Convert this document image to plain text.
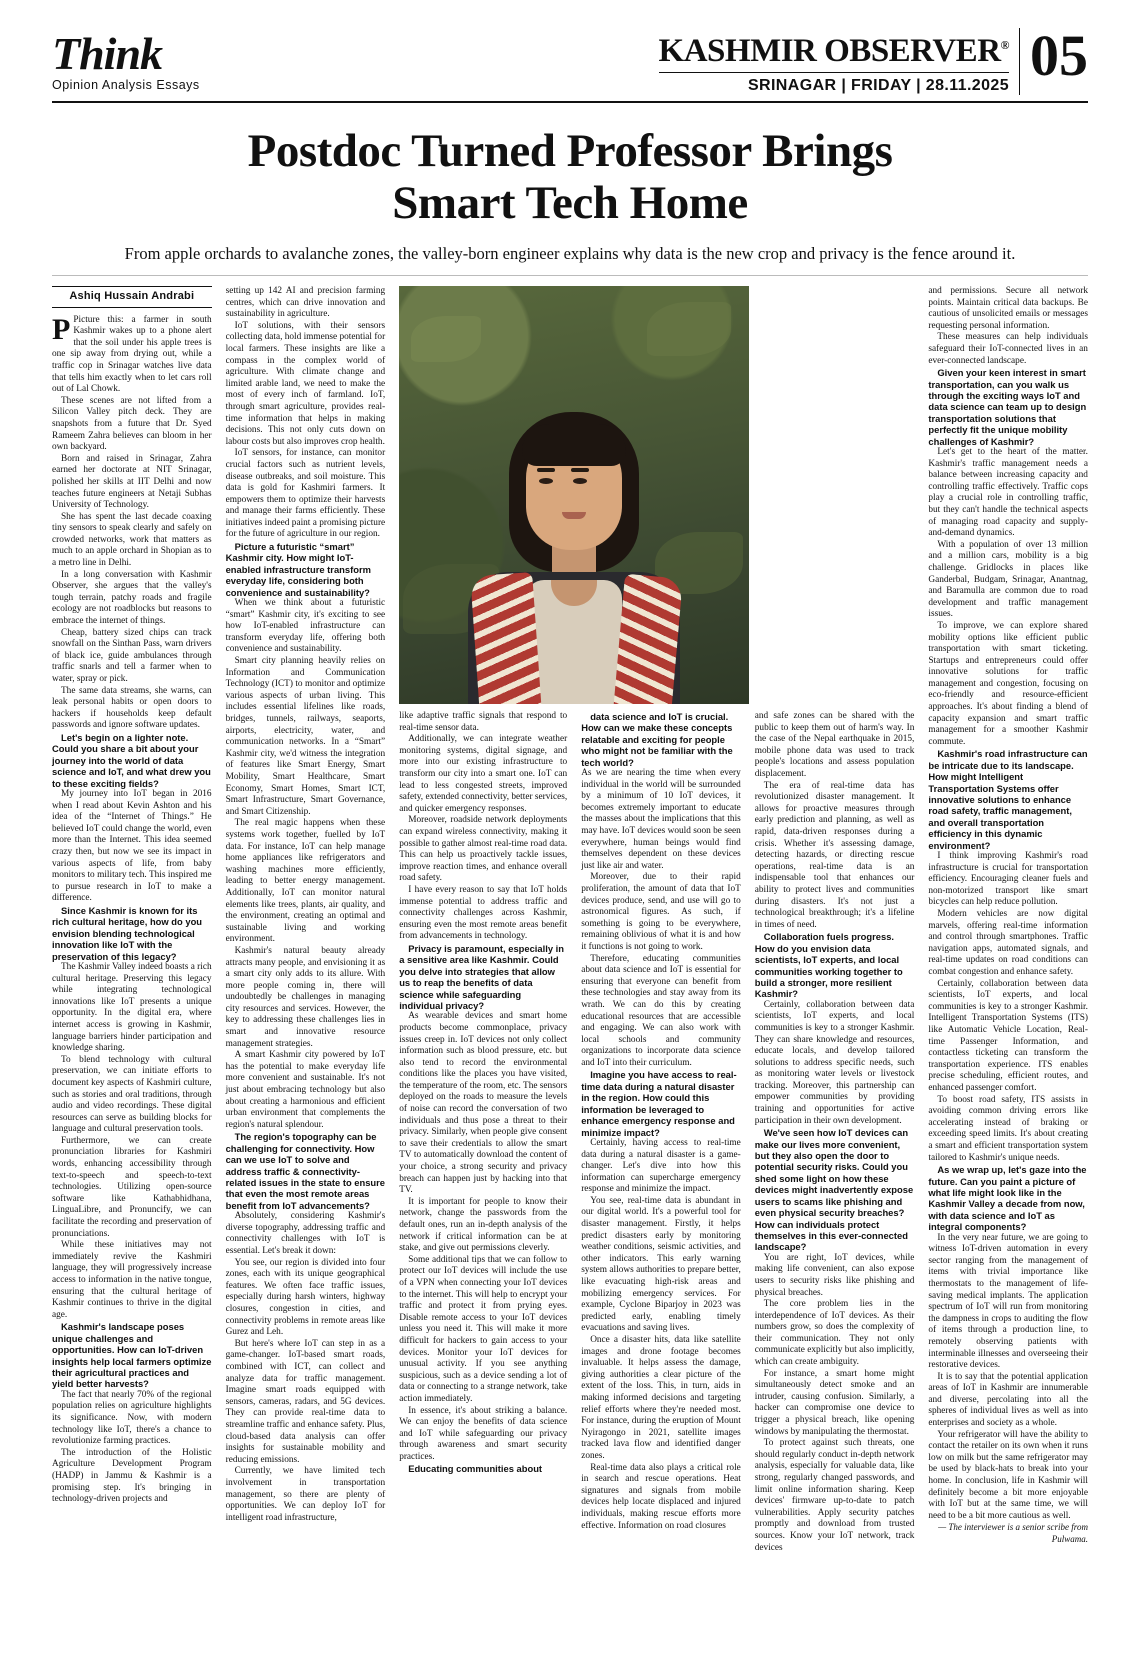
Think
Opinion Analysis Essays
KASHMIR OBSERVER®
SRINAGAR | FRIDAY | 28.11.2025 05
Postdoc Turned Professor Brings
Smart Tech Home
From apple orchards to avalanche zones, the valley-born engineer explains why data is the new crop and privacy is the fence around it.
Ashiq Hussain Andrabi

P Picture this: a farmer in south Kashmir wakes up to a phone alert that the soil under his apple trees is one sip away from drying out, while a traffic cop in Srinagar watches live data that tells him exactly when to let cars roll out of Lal Chowk.

These scenes are not lifted from a Silicon Valley pitch deck. They are snapshots from a future that Dr. Syed Rameem Zahra believes can bloom in her own backyard.

Born and raised in Srinagar, Zahra earned her doctorate at NIT Srinagar, polished her skills at IIT Delhi and now teaches future engineers at Netaji Subhas University of Technology.

She has spent the last decade coaxing tiny sensors to speak clearly and safely on crowded networks, work that matters as much to an apple orchard in Shopian as to a metro line in Delhi.

In a long conversation with Kashmir Observer, she argues that the valley's tough terrain, patchy roads and fragile ecology are not roadblocks but reasons to embrace the internet of things.

Cheap, battery sized chips can track snowfall on the Sinthan Pass, warn drivers of black ice, guide ambulances through traffic snarls and tell a farmer when to water, spray or pick.

The same data streams, she warns, can leak personal habits or open doors to hackers if households keep default passwords and ignore software updates.

Let's begin on a lighter note. Could you share a bit about your journey into the world of data science and IoT, and what drew you to these exciting fields?

My journey into IoT began in 2016 when I read about Kevin Ashton and his idea of the “Internet of Things.” He believed IoT could change the world, even more than the Internet. This idea seemed crazy then, but now we see its impact in various aspects of life, from baby monitors to military tech. This inspired me to pursue research in IoT to make a difference.

Since Kashmir is known for its rich cultural heritage, how do you envision blending technological innovation like IoT with the preservation of this legacy?

The Kashmir Valley indeed boasts a rich cultural heritage. Preserving this legacy while integrating technological innovations like IoT presents a unique opportunity. In the digital era, where internet access is growing in Kashmir, language barriers hinder participation and knowledge sharing.

To blend technology with cultural preservation, we can initiate efforts to document key aspects of Kashmiri culture, such as stories and oral traditions, through audio and video recordings. These digital resources can serve as building blocks for language and cultural preservation tools.

Furthermore, we can create pronunciation libraries for Kashmiri words, enhancing accessibility through text-to-speech and speech-to-text technologies. Utilizing open-source software like Kathabhidhana, LinguaLibre, and Pronuncify, we can facilitate the recording and preservation of pronunciations.

While these initiatives may not immediately revive the Kashmiri language, they will progressively increase access to information in the native tongue, ensuring that the cultural heritage of Kashmir continues to thrive in the digital age.

Kashmir's landscape poses unique challenges and opportunities. How can IoT-driven insights help local farmers optimize their agricultural practices and yield better harvests?

The fact that nearly 70% of the regional population relies on agriculture highlights its significance. Now, with modern technology like IoT, there's a chance to revolutionize farming practices.

The introduction of the Holistic Agriculture Development Program (HADP) in Jammu & Kashmir is a promising step. It's bringing in technology-driven projects and

setting up 142 AI and precision farming centres, which can drive innovation and sustainability in agriculture.

IoT solutions, with their sensors collecting data, hold immense potential for local farmers. These insights are like a compass in the complex world of agriculture. With climate change and limited arable land, we need to make the most of every inch of farmland. IoT, through smart agriculture, provides real-time information that helps in making decisions. This not only cuts down on labour costs but also improves crop health.

IoT sensors, for instance, can monitor crucial factors such as nutrient levels, disease outbreaks, and soil moisture. This data is gold for Kashmiri farmers. It empowers them to optimize their harvests and manage their farms efficiently. These initiatives indeed paint a promising picture for the future of agriculture in our region.

Picture a futuristic “smart” Kashmir city. How might IoT-enabled infrastructure transform everyday life, considering both convenience and sustainability?

When we think about a futuristic “smart” Kashmir city, it's exciting to see how IoT-enabled infrastructure can transform everyday life, offering both convenience and sustainability.

Smart city planning heavily relies on Information and Communication Technology (ICT) to monitor and optimize various aspects of urban living. This includes essential lifelines like roads, bridges, tunnels, railways, seaports, airports, electricity, water, and communication networks. In a “Smart” Kashmir city, we'd witness the integration of features like Smart Energy, Smart Mobility, Smart Healthcare, Smart Economy, Smart Homes, Smart ICT, Smart Infrastructure, Smart Governance, and Smart Citizenship.

The real magic happens when these systems work together, fuelled by IoT data. For instance, IoT can help manage home appliances like refrigerators and washing machines more efficiently, leading to better energy management. Additionally, IoT can monitor natural elements like trees, plants, air quality, and the environment, creating an optimal and sustainable living and working environment.

Kashmir's natural beauty already attracts many people, and envisioning it as a smart city only adds to its allure. With more people coming in, there will undoubtedly be challenges in managing city resources and services. However, the key to addressing these challenges lies in smart and innovative resource management strategies.

A smart Kashmir city powered by IoT has the potential to make everyday life more convenient and sustainable. It's not just about embracing technology but also about creating a harmonious and efficient urban environment that complements the region's natural splendour.

The region's topography can be challenging for connectivity. How can we use IoT to solve and address traffic & connectivity-related issues in the state to ensure that even the most remote areas benefit from IoT advancements?

Absolutely, considering Kashmir's diverse topography, addressing traffic and connectivity challenges with IoT is essential. Let's break it down:

You see, our region is divided into four zones, each with its unique geographical features. We often face traffic issues, especially during harsh winters, highway closures, congestion in cities, and connectivity problems in remote areas like Gurez and Leh.

But here's where IoT can step in as a game-changer. IoT-based smart roads, combined with ICT, can collect and analyze data for traffic management. Imagine smart roads equipped with sensors, cameras, radars, and 5G devices. They can provide real-time data to streamline traffic and enhance safety. Plus, cloud-based data analysis can offer insights for sustainable mobility and reducing emissions.

Currently, we have limited tech involvement in transportation management, so there are plenty of opportunities. We can deploy IoT for intelligent road infrastructure,

like adaptive traffic signals that respond to real-time sensor data.

Additionally, we can integrate weather monitoring systems, digital signage, and more into our existing infrastructure to transform our city into a smart one. IoT can lead to less congested streets, improved safety, extended connectivity, better services, and quicker emergency responses.

Moreover, roadside network deployments can expand wireless connectivity, making it possible to gather almost real-time road data. This can help us proactively tackle issues, improve reaction times, and enhance overall road safety.

I have every reason to say that IoT holds immense potential to address traffic and connectivity challenges across Kashmir, ensuring even the most remote areas benefit from advancements in technology.

Privacy is paramount, especially in a sensitive area like Kashmir. Could you delve into strategies that allow us to reap the benefits of data science while safeguarding individual privacy?

As wearable devices and smart home products become commonplace, privacy issues creep in. IoT devices not only collect information such as blood pressure, etc. but also tend to record the environmental conditions like the places you have visited, the temperature of the room, etc. The sensors deployed on the roads to measure the levels of noise can record the conversation of two individuals and thus pose a threat to their privacy. Similarly, when people give consent to save their credentials to allow the smart TV to automatically download the content of your choice, a strong security and privacy breach can happen just by hacking into that TV.

It is important for people to know their network, change the passwords from the default ones, run an in-depth analysis of the network if critical information can be at stake, and give out permissions cleverly.

Some additional tips that we can follow to protect our IoT devices will include the use of a VPN when connecting your IoT devices to the internet. This will help to encrypt your traffic and protect it from prying eyes. Disable remote access to your IoT devices unless you need it. This will make it more difficult for hackers to gain access to your devices. Monitor your IoT devices for unusual activity. If you see anything suspicious, such as a device sending a lot of data or connecting to a strange network, take action immediately.

In essence, it's about striking a balance. We can enjoy the benefits of data science and IoT while safeguarding our privacy through awareness and smart security practices.

Educating communities about

data science and IoT is crucial. How can we make these concepts relatable and exciting for people who might not be familiar with the tech world?

As we are nearing the time when every individual in the world will be surrounded by a minimum of 10 IoT devices, it becomes extremely important to educate the masses about the implications that this may have. IoT devices would soon be seen everywhere, human beings would find themselves dependent on these devices just like air and water.

Moreover, due to their rapid proliferation, the amount of data that IoT devices produce, send, and use will go to astronomical figures. As such, if something is going to be everywhere, remaining oblivious of what it is and how it functions is not going to work.

Therefore, educating communities about data science and IoT is essential for ensuring that everyone can benefit from these technologies and stay away from its wrath. We can do this by creating educational resources that are accessible and engaging. We can also work with local schools and community organizations to incorporate data science and IoT into their curriculum.

Imagine you have access to real-time data during a natural disaster in the region. How could this information be leveraged to enhance emergency response and minimize impact?

Certainly, having access to real-time data during a natural disaster is a game-changer. Let's dive into how this information can supercharge emergency response and minimize the impact.

You see, real-time data is abundant in our digital world. It's a powerful tool for disaster management. Firstly, it helps predict disasters early by monitoring weather conditions, seismic activities, and other indicators. This early warning system allows authorities to prepare better, like evacuating high-risk areas and mobilizing emergency services. For example, Cyclone Biparjoy in 2023 was predicted early, enabling timely evacuations and saving lives.

Once a disaster hits, data like satellite images and drone footage becomes invaluable. It helps assess the damage, giving authorities a clear picture of the extent of the loss. This, in turn, aids in making informed decisions and targeting relief efforts where they're needed most. For instance, during the eruption of Mount Nyiragongo in 2021, satellite images tracked lava flow and identified danger zones.

Real-time data also plays a critical role in search and rescue operations. Heat signatures and signals from mobile devices help locate displaced and injured individuals, making rescue efforts more effective. Information on road closures

and safe zones can be shared with the public to keep them out of harm's way. In the case of the Nepal earthquake in 2015, mobile phone data was used to track people's locations and assess population displacement.

The era of real-time data has revolutionized disaster management. It allows for proactive measures through early prediction and planning, as well as rapid, data-driven responses during a crisis. Whether it's assessing damage, detecting hazards, or directing rescue operations, real-time data is an indispensable tool that enhances our ability to protect lives and communities during disasters. It's not just a technological breakthrough; it's a lifeline in times of need.

Collaboration fuels progress. How do you envision data scientists, IoT experts, and local communities working together to build a stronger, more resilient Kashmir?

Certainly, collaboration between data scientists, IoT experts, and local communities is key to a stronger Kashmir. They can share knowledge and resources, educate locals, and develop tailored solutions to address specific needs, such as monitoring water levels or livestock tracking. Moreover, this partnership can empower communities by providing training and opportunities for active participation in their own development.

We've seen how IoT devices can make our lives more convenient, but they also open the door to potential security risks. Could you shed some light on how these devices might inadvertently expose users to scams like phishing and even physical security breaches? How can individuals protect themselves in this ever-connected landscape?

You are right, IoT devices, while making life convenient, can also expose users to security risks like phishing and physical breaches.

The core problem lies in the interdependence of IoT devices. As their numbers grow, so does the complexity of their communication. They not only communicate explicitly but also implicitly, which can create ambiguity.

For instance, a smart home might simultaneously detect smoke and an intruder, causing confusion. Similarly, a hacker can compromise one device to trigger a physical breach, like opening windows by manipulating the thermostat.

To protect against such threats, one should regularly conduct in-depth network analysis, especially for valuable data, like strong, regularly changed passwords, and limit online information sharing. Keep devices' firmware up-to-date to patch vulnerabilities. Apply security patches promptly and download from trusted sources. Know your IoT network, track devices

and permissions. Secure all network points. Maintain critical data backups. Be cautious of unsolicited emails or messages requesting personal information.

These measures can help individuals safeguard their IoT-connected lives in an ever-connected landscape.

Given your keen interest in smart transportation, can you walk us through the exciting ways IoT and data science can team up to design transportation solutions that perfectly fit the unique mobility challenges of Kashmir?

Let's get to the heart of the matter. Kashmir's traffic management needs a balance between increasing capacity and controlling traffic effectively. Traffic cops play a crucial role in controlling traffic, but they can't handle the technical aspects of managing road capacity and supply-and-demand dynamics.

With a population of over 13 million and a million cars, mobility is a big challenge. Gridlocks in places like Ganderbal, Budgam, Srinagar, Anantnag, and Baramulla are common due to road development and traffic management issues.

To improve, we can explore shared mobility options like efficient public transportation with smart ticketing. Startups and entrepreneurs could offer innovative solutions for traffic management and congestion, focusing on eco-friendly and resource-efficient approaches. It's about finding a blend of capacity expansion and smart traffic management for a smoother Kashmir commute.

Kashmir's road infrastructure can be intricate due to its landscape. How might Intelligent Transportation Systems offer innovative solutions to enhance road safety, traffic management, and overall transportation efficiency in this dynamic environment?

I think improving Kashmir's road infrastructure is crucial for transportation efficiency. Encouraging cleaner fuels and non-motorized transport like smart bicycles can help reduce pollution.

Modern vehicles are now digital marvels, offering real-time information and control through smartphones. Traffic navigation apps, automated signals, and real-time updates on road conditions can combat congestion and enhance safety.

Certainly, collaboration between data scientists, IoT experts, and local communities is key to a stronger Kashmir. Intelligent Transportation Systems (ITS) like Automatic Vehicle Location, Real-time Passenger Information, and contactless ticketing can transform the transportation experience. ITS enables precise scheduling, efficient routes, and enhanced passenger comfort.

To boost road safety, ITS assists in avoiding common driving errors like accelerating instead of braking or exceeding speed limits. It's about creating a smart and efficient transportation system tailored to Kashmir's unique needs.

As we wrap up, let's gaze into the future. Can you paint a picture of what life might look like in the Kashmir Valley a decade from now, with data science and IoT as integral components?

In the very near future, we are going to witness IoT-driven automation in every sector ranging from the management of items with trivial importance like thermostats to the management of life-saving medical implants. The application spectrum of IoT will run from monitoring the dampness in crops to auditing the flow of items through a production line, to remotely observing patients with interminable illnesses and overseeing their restorative devices.

It is to say that the potential application areas of IoT in Kashmir are innumerable and diverse, percolating into all the spheres of individual lives as well as into enterprises and society as a whole.

Your refrigerator will have the ability to contact the retailer on its own when it runs low on milk but the same refrigerator may be used by black-hats to break into your home. In conclusion, life in Kashmir will definitely become a bit more enjoyable with IoT but at the same time, we will need to be a bit more cautious as well.

— The interviewer is a senior scribe from Pulwama.
